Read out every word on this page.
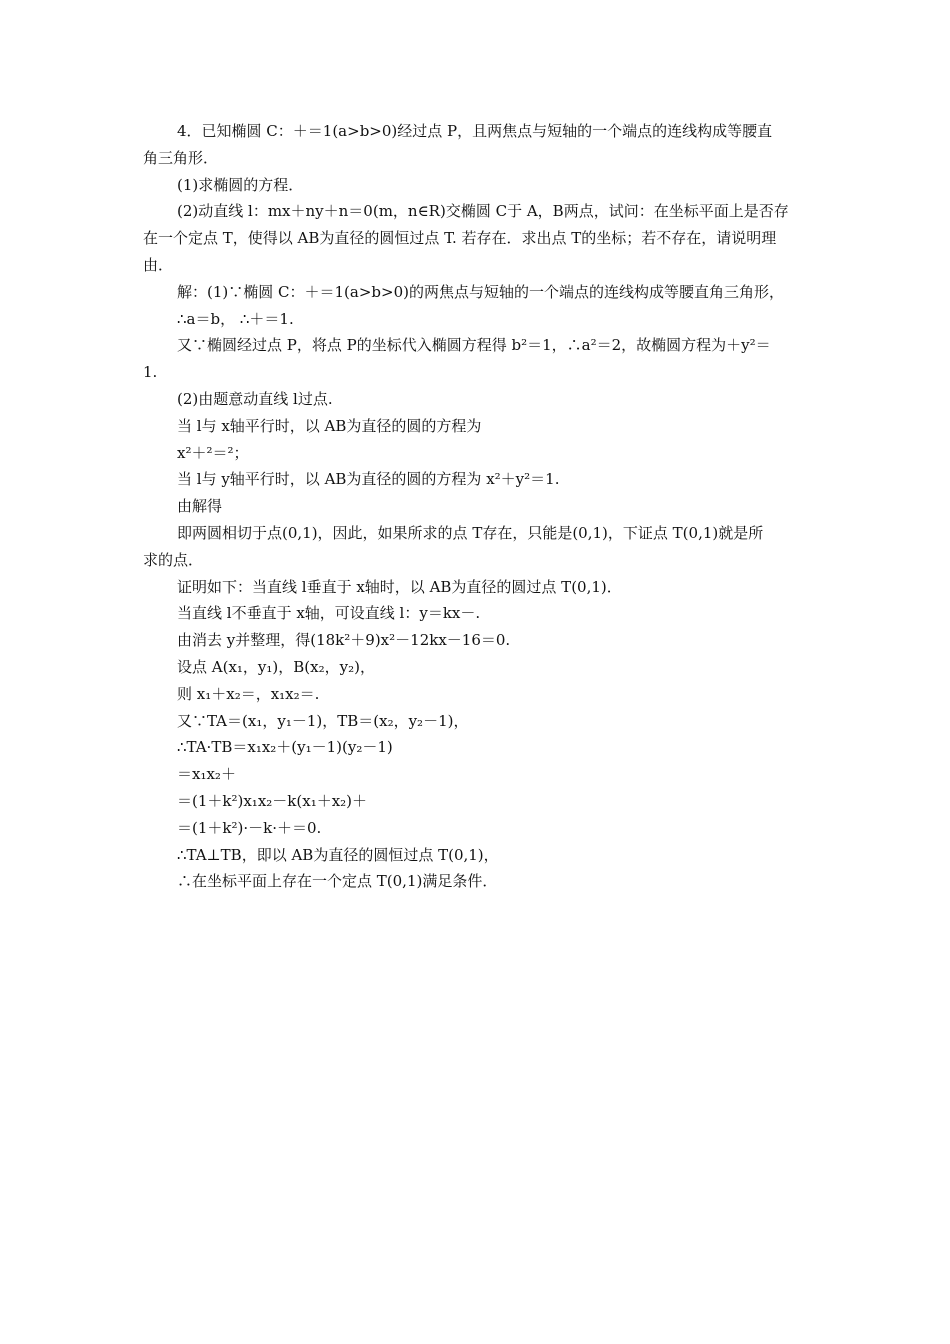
4．已知椭圆 C：＋＝1(a>b>0)经过点 P，且两焦点与短轴的一个端点的连线构成等腰直
角三角形．
(1)求椭圆的方程．
(2)动直线 l：mx＋ny＋n＝0(m，n∈R)交椭圆 C于 A，B两点，试问：在坐标平面上是否存
在一个定点 T，使得以 AB为直径的圆恒过点 T. 若存在．求出点 T的坐标；若不存在，请说明理
由．
解：(1)∵椭圆 C：＋＝1(a>b>0)的两焦点与短轴的一个端点的连线构成等腰直角三角形，
∴a＝b， ∴＋＝1.
又∵椭圆经过点 P，将点 P的坐标代入椭圆方程得 b²＝1，∴a²＝2，故椭圆方程为＋y²＝
1.
(2)由题意动直线 l过点.
当 l与 x轴平行时，以 AB为直径的圆的方程为
x²＋²＝²；
当 l与 y轴平行时，以 AB为直径的圆的方程为 x²＋y²＝1.
由解得
即两圆相切于点(0,1)，因此，如果所求的点 T存在，只能是(0,1)，下证点 T(0,1)就是所
求的点．
证明如下：当直线 l垂直于 x轴时，以 AB为直径的圆过点 T(0,1)．
当直线 l不垂直于 x轴，可设直线 l：y＝kx－.
由消去 y并整理，得(18k²＋9)x²－12kx－16＝0.
设点 A(x₁，y₁)，B(x₂，y₂)，
则 x₁＋x₂＝，x₁x₂＝.
又∵TA＝(x₁，y₁－1)，TB＝(x₂，y₂－1)，
∴TA·TB＝x₁x₂＋(y₁－1)(y₂－1)
＝x₁x₂＋
＝(1＋k²)x₁x₂－k(x₁＋x₂)＋
＝(1＋k²)·－k·＋＝0.
∴TA⊥TB，即以 AB为直径的圆恒过点 T(0,1)，
∴在坐标平面上存在一个定点 T(0,1)满足条件．
